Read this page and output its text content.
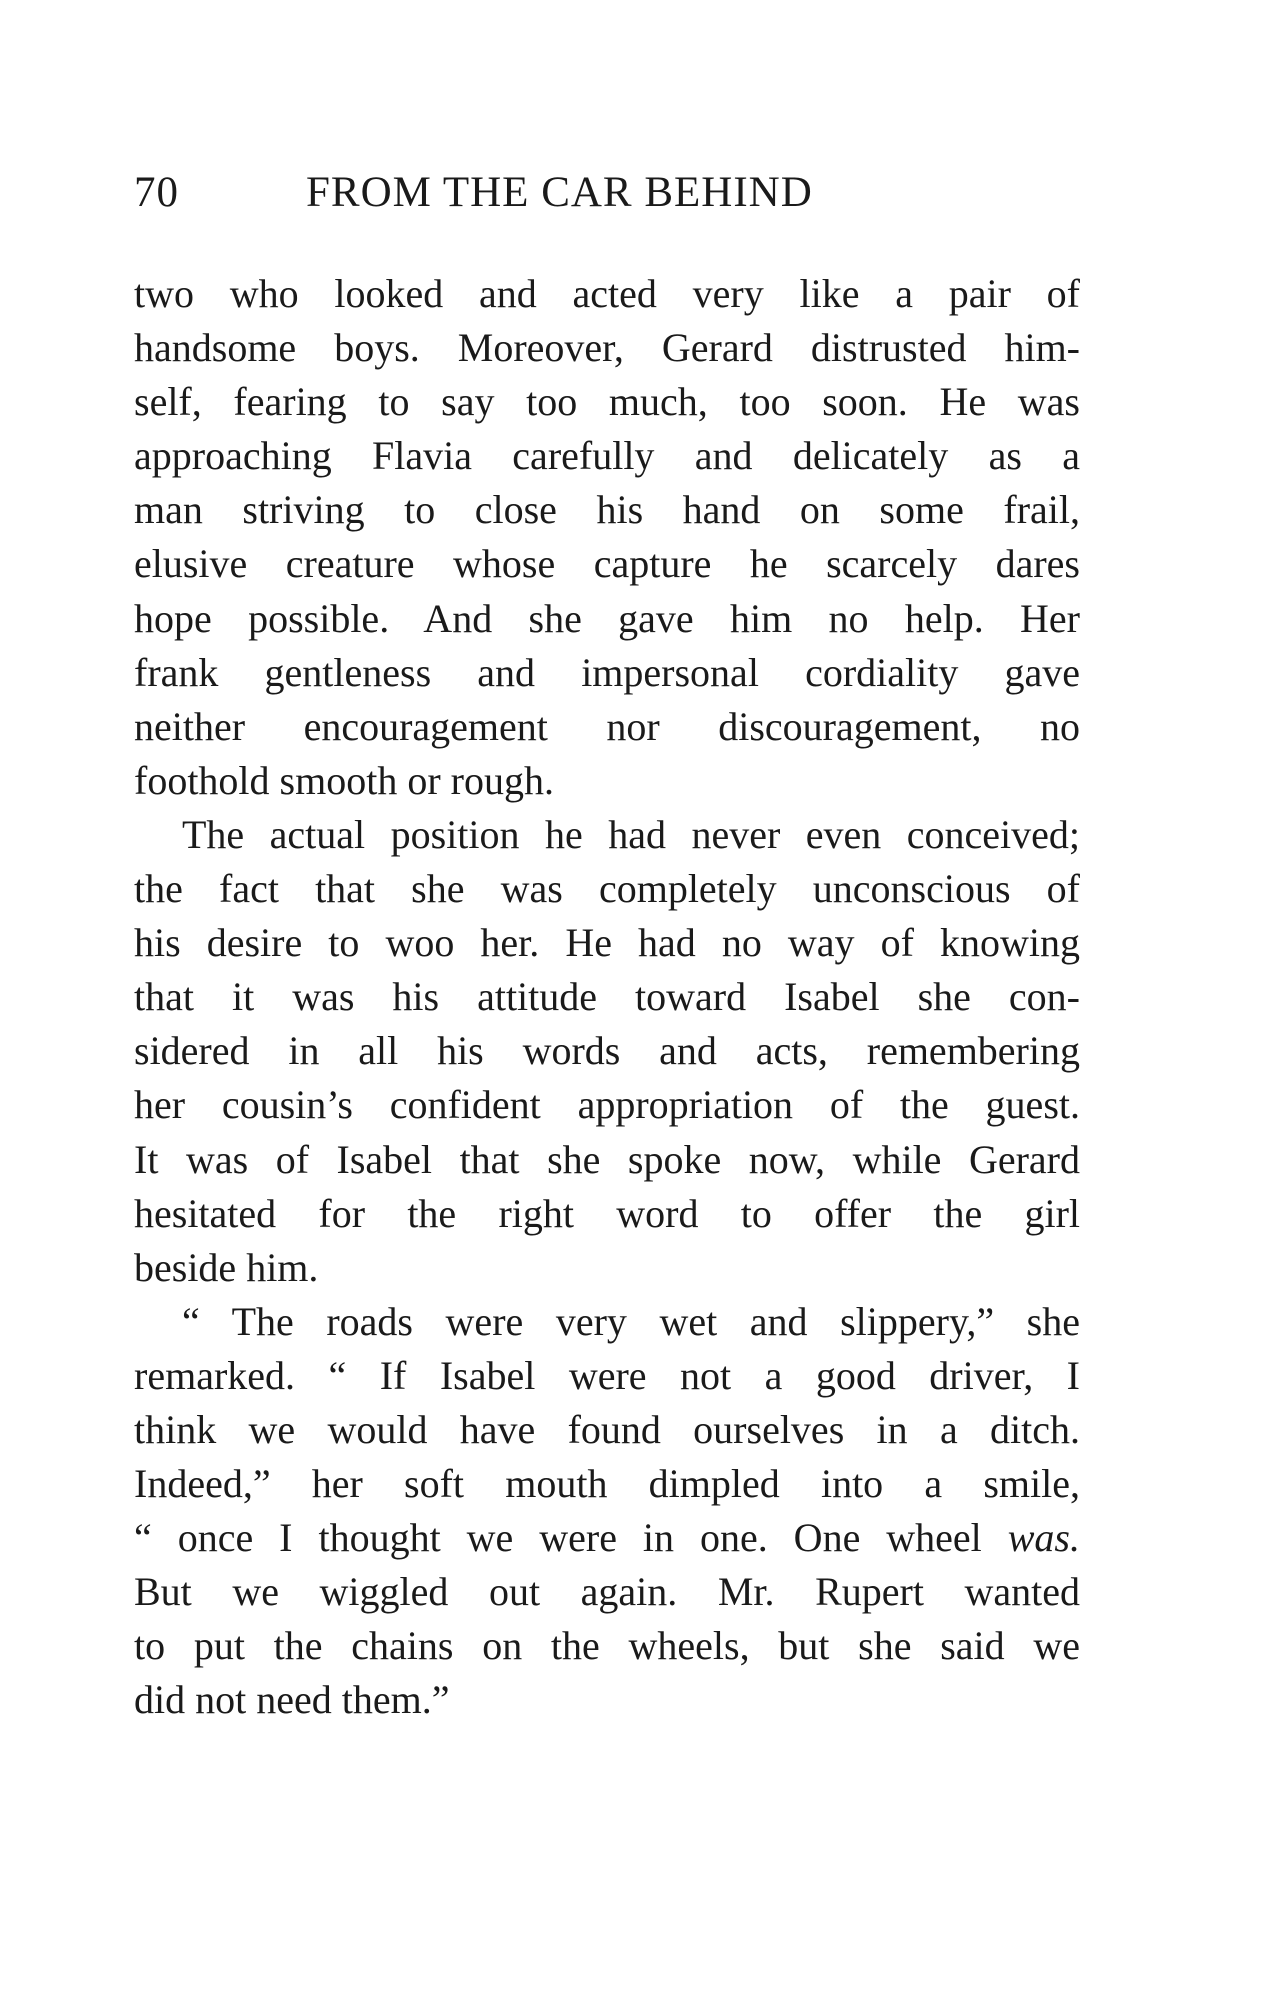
70	FROM THE CAR BEHIND
two who looked and acted very like a pair of
handsome boys. Moreover, Gerard distrusted him-
self, fearing to say too much, too soon. He was
approaching Flavia carefully and delicately as a
man striving to close his hand on some frail,
elusive creature whose capture he scarcely dares
hope possible. And she gave him no help. Her
frank gentleness and impersonal cordiality gave
neither encouragement nor discouragement, no
foothold smooth or rough.
The actual position he had never even conceived;
the fact that she was completely unconscious of
his desire to woo her. He had no way of knowing
that it was his attitude toward Isabel she con-
sidered in all his words and acts, remembering
her cousin’s confident appropriation of the guest.
It was of Isabel that she spoke now, while Gerard
hesitated for the right word to offer the girl
beside him.
“ The roads were very wet and slippery,” she
remarked. “ If Isabel were not a good driver, I
think we would have found ourselves in a ditch.
Indeed,” her soft mouth dimpled into a smile,
“ once I thought we were in one. One wheel was.
But we wiggled out again. Mr. Rupert wanted
to put the chains on the wheels, but she said we
did not need them.”
